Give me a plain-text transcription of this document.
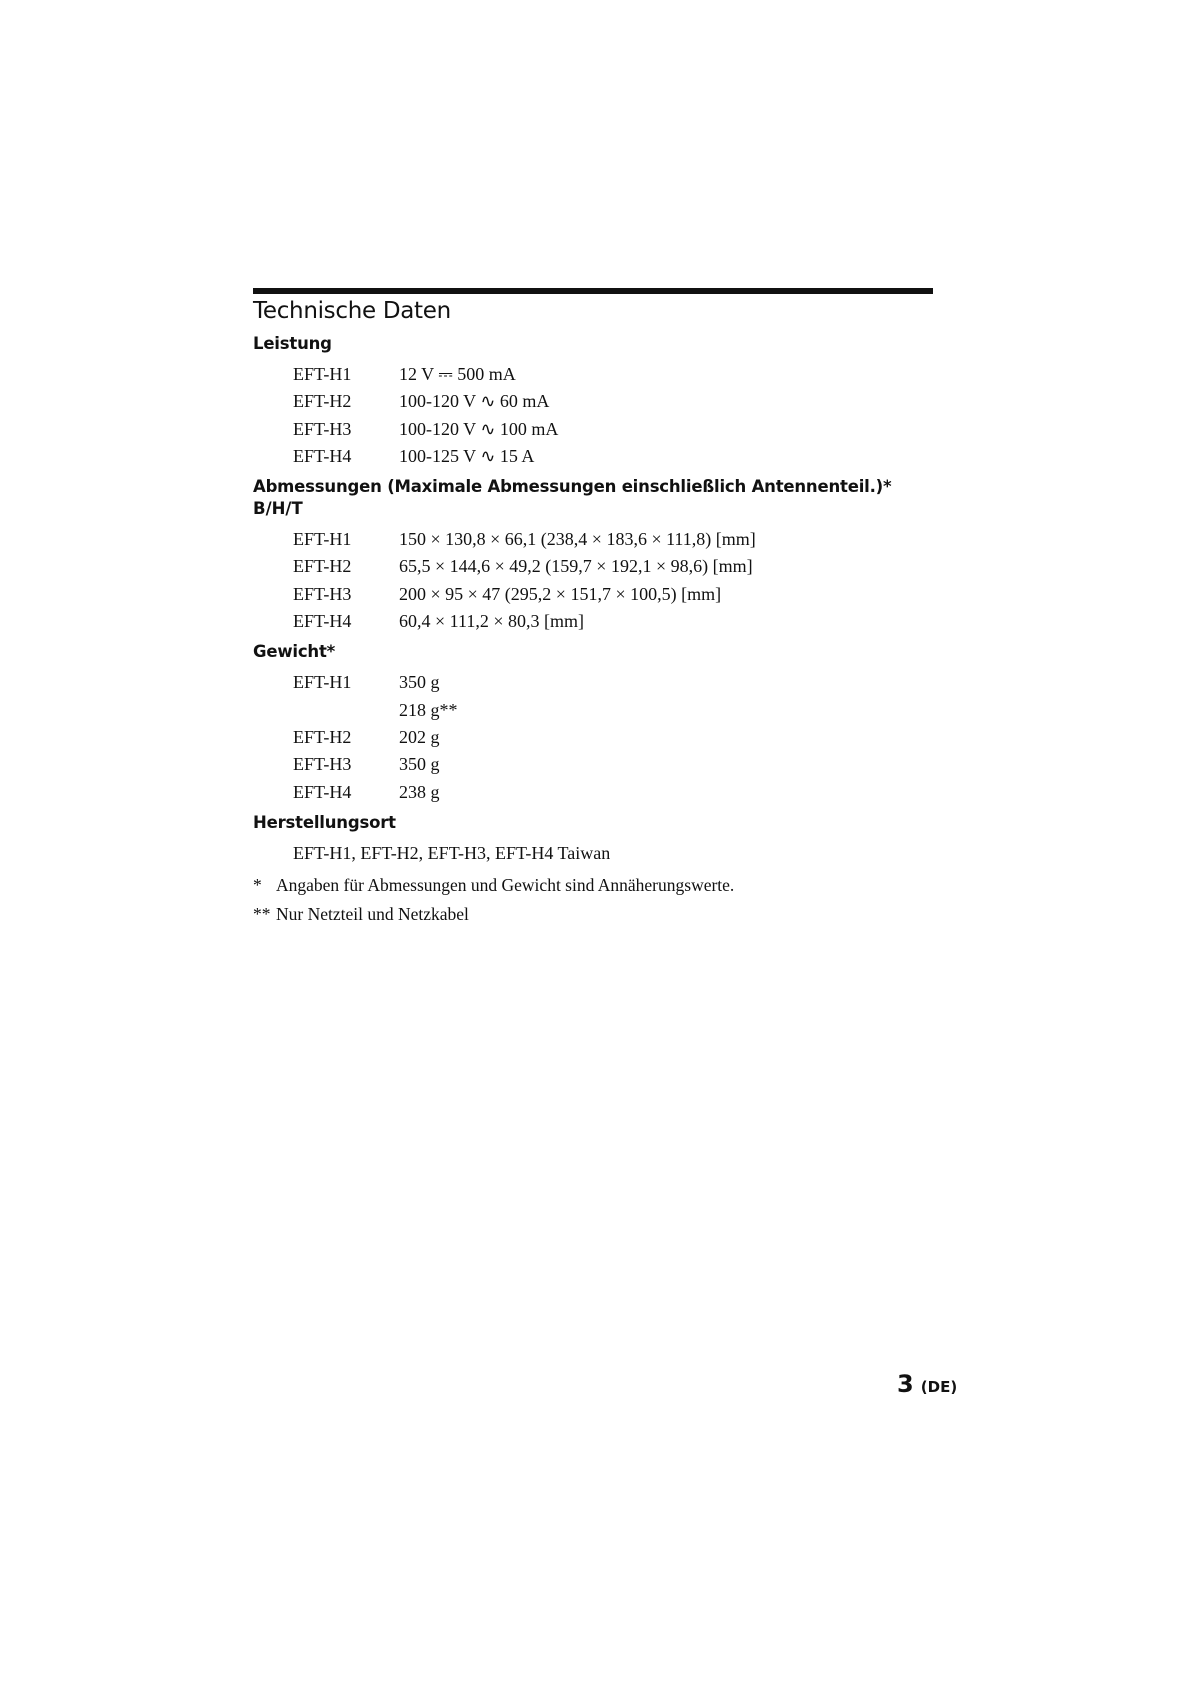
Technische Daten
Leistung
EFT-H1	12 V ⎓ 500 mA
EFT-H2	100-120 V ∿ 60 mA
EFT-H3	100-120 V ∿ 100 mA
EFT-H4	100-125 V ∿ 15 A
Abmessungen (Maximale Abmessungen einschließlich Antennenteil.)*
B/H/T
EFT-H1	150 × 130,8 × 66,1 (238,4 × 183,6 × 111,8) [mm]
EFT-H2	65,5 × 144,6 × 49,2 (159,7 × 192,1 × 98,6) [mm]
EFT-H3	200 × 95 × 47 (295,2 × 151,7 × 100,5) [mm]
EFT-H4	60,4 × 111,2 × 80,3 [mm]
Gewicht*
EFT-H1	350 g
218 g**
EFT-H2	202 g
EFT-H3	350 g
EFT-H4	238 g
Herstellungsort
EFT-H1, EFT-H2, EFT-H3, EFT-H4 Taiwan
* Angaben für Abmessungen und Gewicht sind Annäherungswerte.
** Nur Netzteil und Netzkabel
3 (DE)
